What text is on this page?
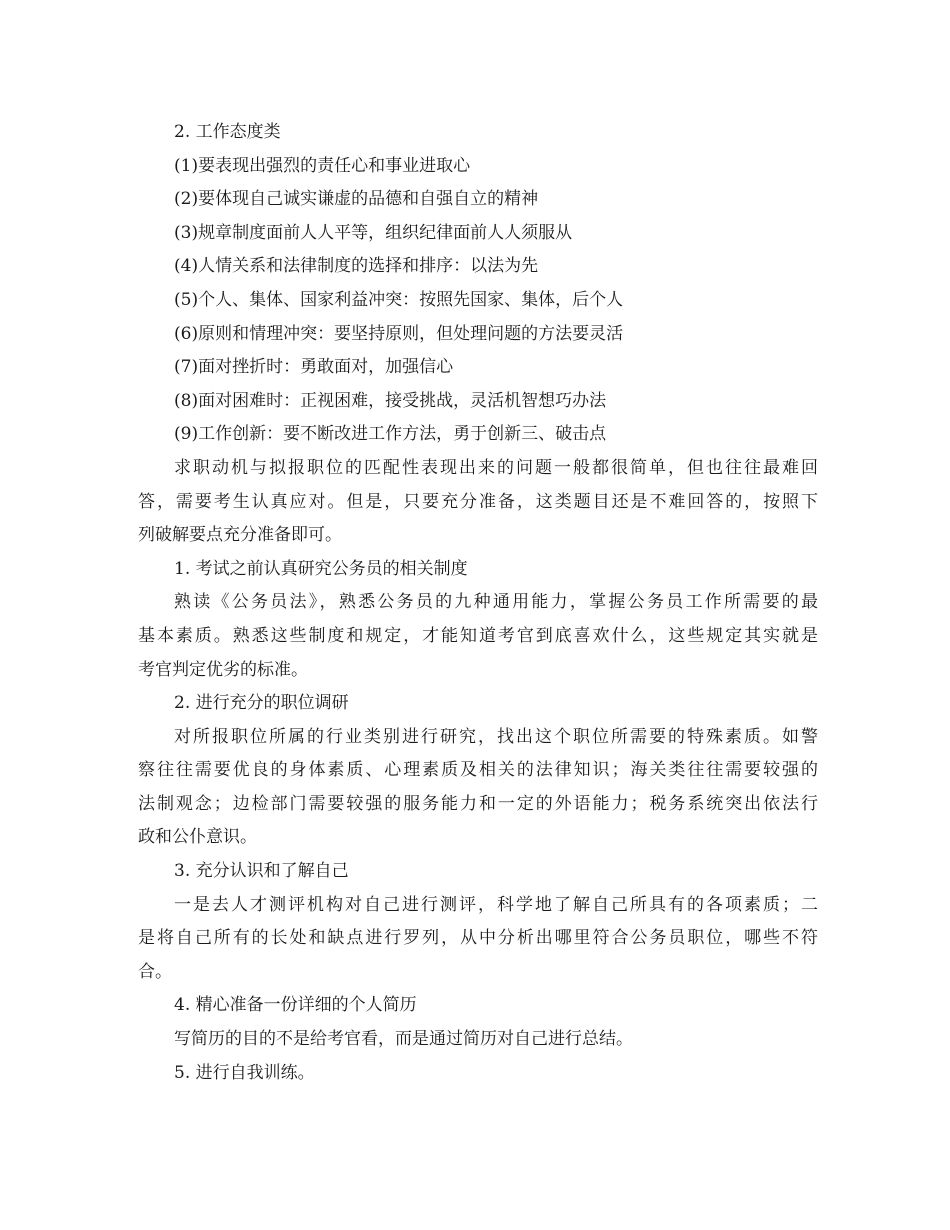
2. 工作态度类
(1)要表现出强烈的责任心和事业进取心
(2)要体现自己诚实谦虚的品德和自强自立的精神
(3)规章制度面前人人平等，组织纪律面前人人须服从
(4)人情关系和法律制度的选择和排序：以法为先
(5)个人、集体、国家利益冲突：按照先国家、集体，后个人
(6)原则和情理冲突：要坚持原则，但处理问题的方法要灵活
(7)面对挫折时：勇敢面对，加强信心
(8)面对困难时：正视困难，接受挑战，灵活机智想巧办法
(9)工作创新：要不断改进工作方法，勇于创新三、破击点
求职动机与拟报职位的匹配性表现出来的问题一般都很简单，但也往往最难回
答，需要考生认真应对。但是，只要充分准备，这类题目还是不难回答的，按照下
列破解要点充分准备即可。
1. 考试之前认真研究公务员的相关制度
熟读《公务员法》，熟悉公务员的九种通用能力，掌握公务员工作所需要的最
基本素质。熟悉这些制度和规定，才能知道考官到底喜欢什么，这些规定其实就是
考官判定优劣的标准。
2. 进行充分的职位调研
对所报职位所属的行业类别进行研究，找出这个职位所需要的特殊素质。如警
察往往需要优良的身体素质、心理素质及相关的法律知识；海关类往往需要较强的
法制观念；边检部门需要较强的服务能力和一定的外语能力；税务系统突出依法行
政和公仆意识。
3. 充分认识和了解自己
一是去人才测评机构对自己进行测评，科学地了解自己所具有的各项素质；二
是将自己所有的长处和缺点进行罗列，从中分析出哪里符合公务员职位，哪些不符
合。
4. 精心准备一份详细的个人简历
写简历的目的不是给考官看，而是通过简历对自己进行总结。
5. 进行自我训练。
